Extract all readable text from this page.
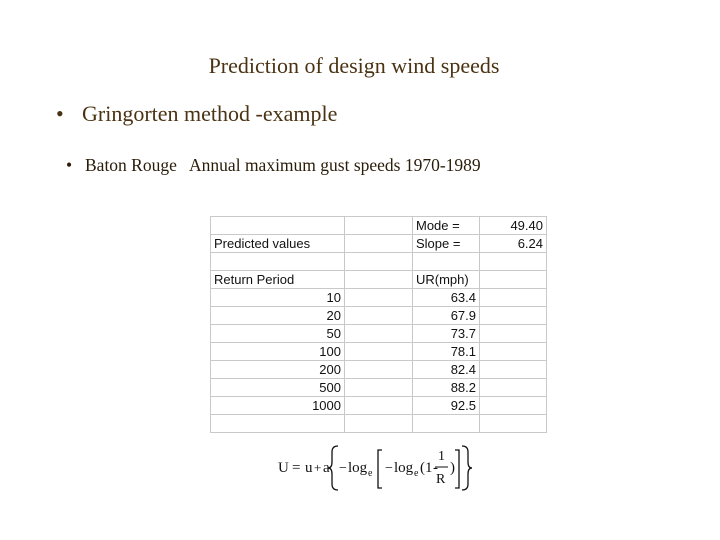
Prediction of design wind speeds
• Gringorten method -example
• Baton Rouge Annual maximum gust speeds 1970-1989
		Mode =	49.40
Predicted values		Slope =	6.24

Return Period		UR(mph)	
10		63.4	
20		67.9	
50		73.7	
100		78.1	
200		82.4	
500		88.2	
1000		92.5	

U = u + a − log e − log e ( 1 -
1
R
)
